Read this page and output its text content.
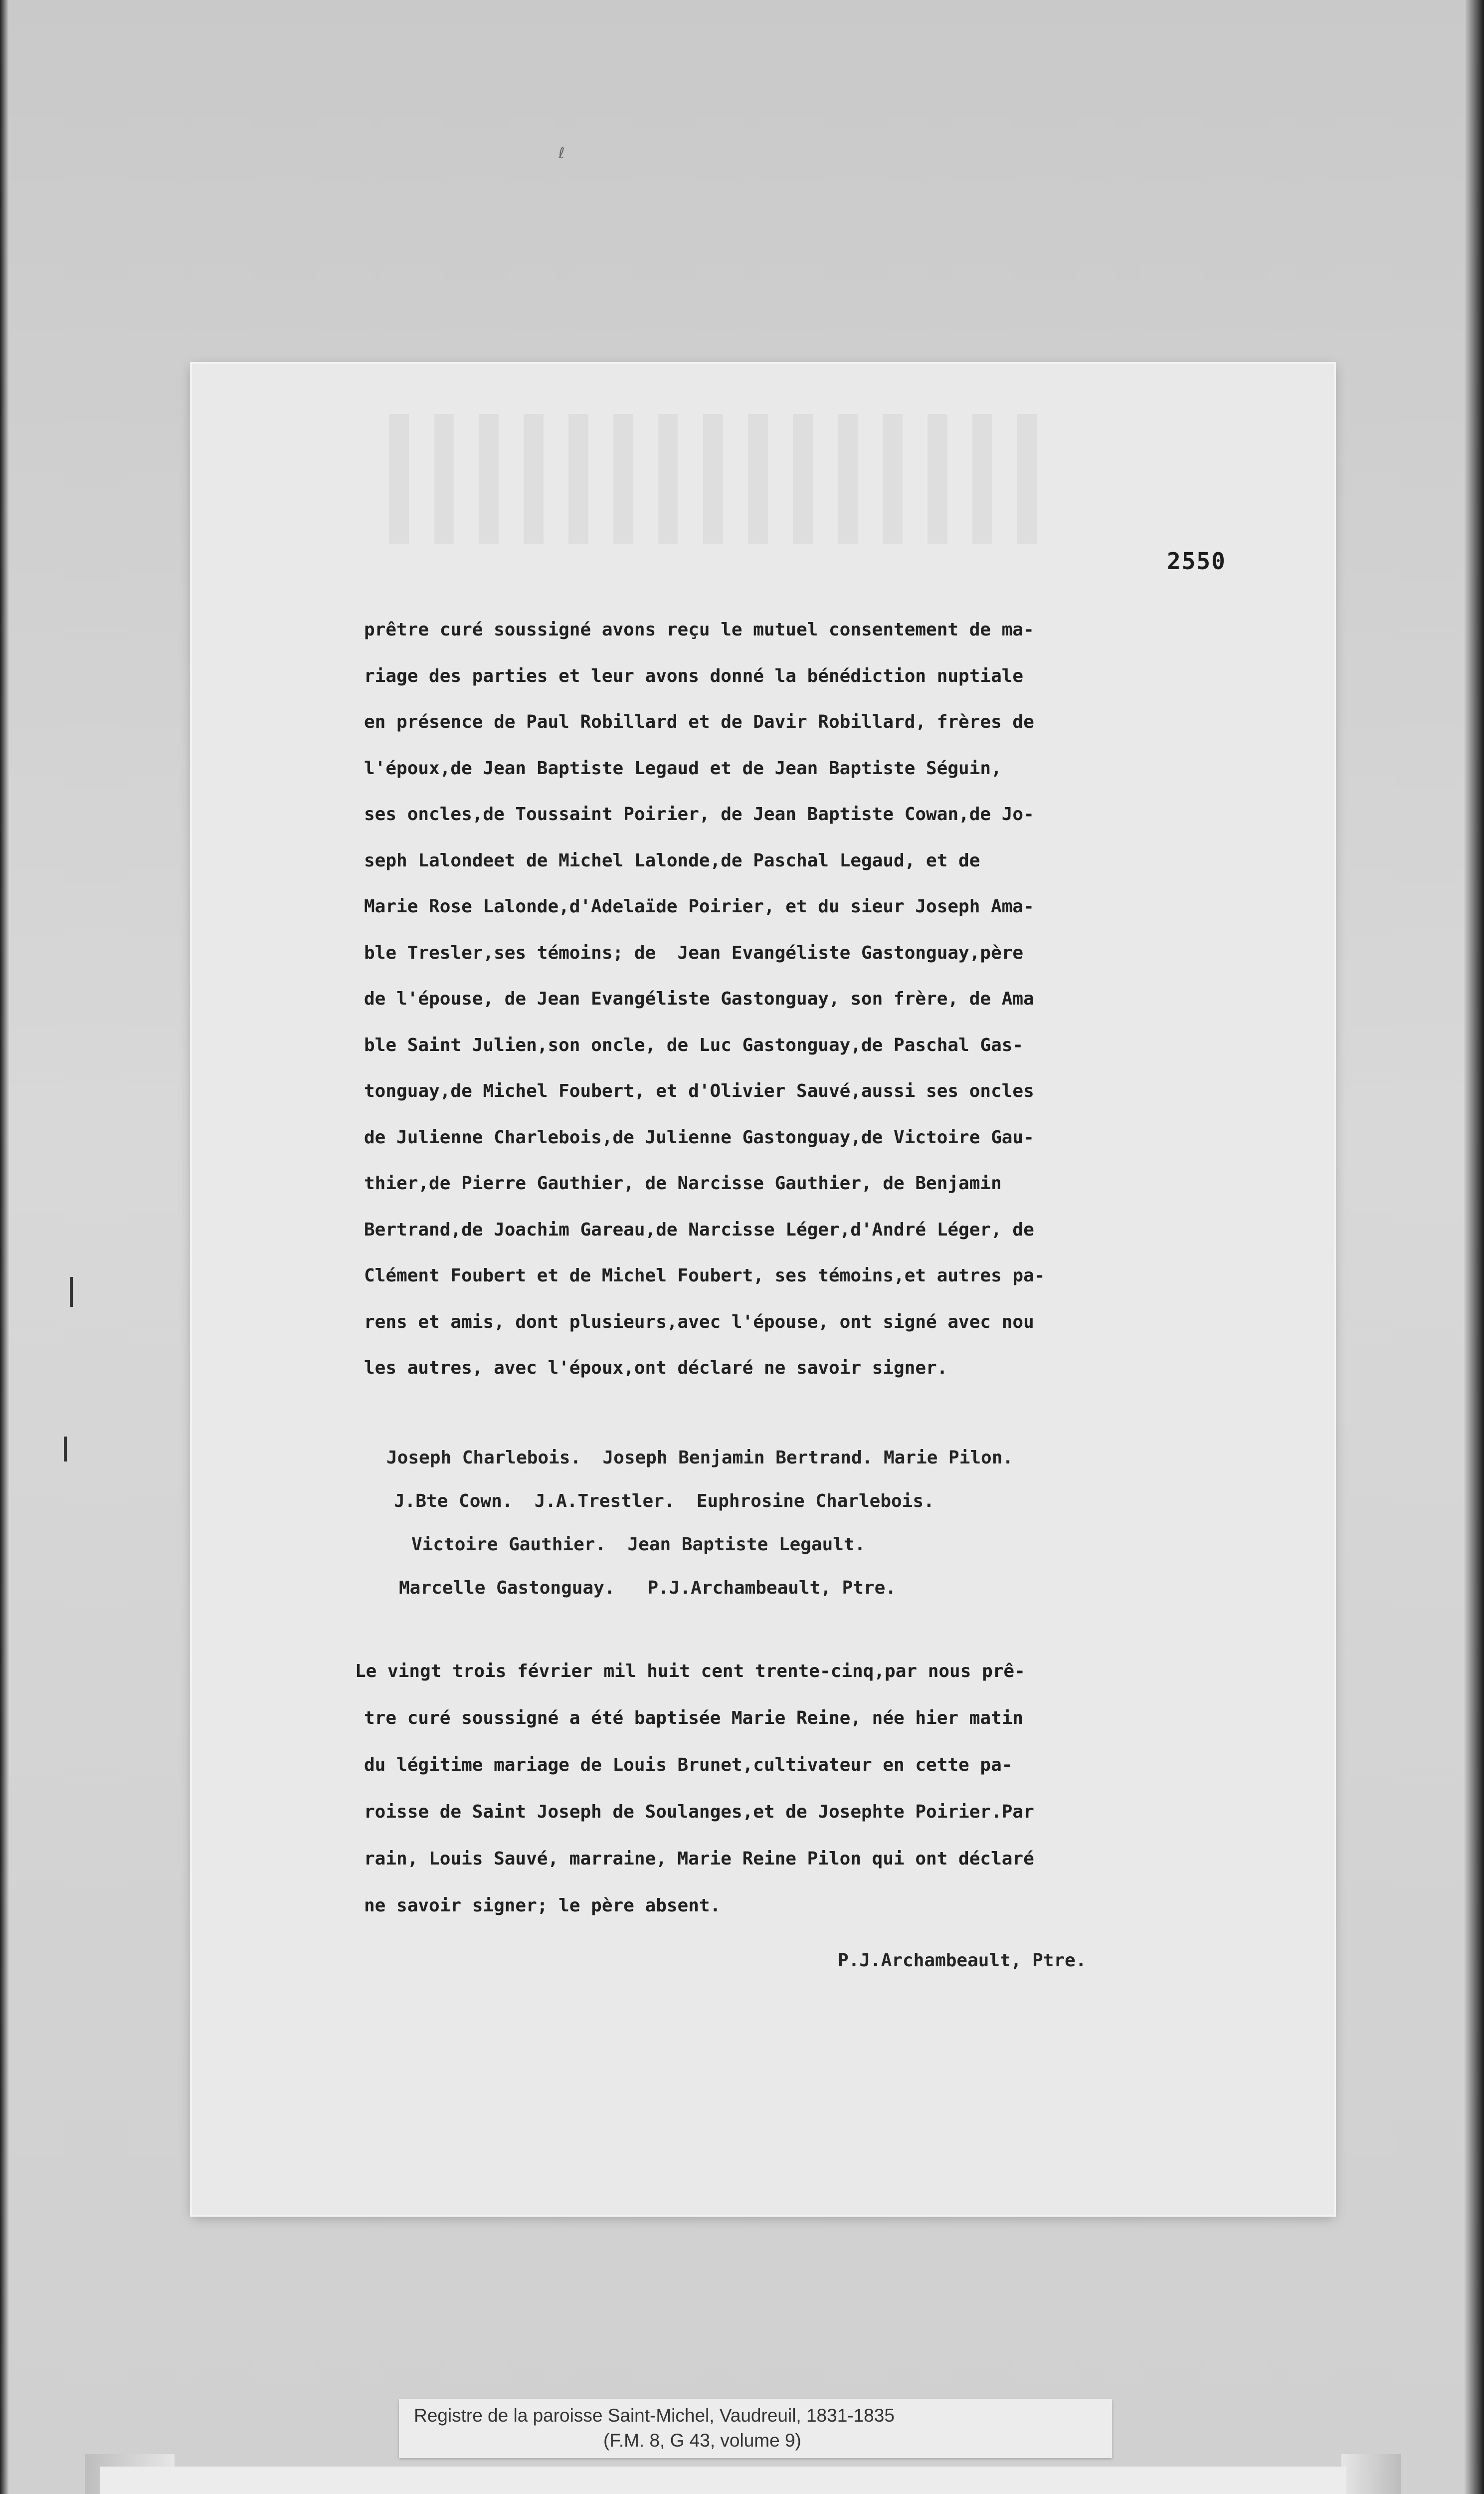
ℓ
2550
prêtre curé soussigné avons reçu le mutuel consentement de ma-
riage des parties et leur avons donné la bénédiction nuptiale
en présence de Paul Robillard et de Davir Robillard, frères de
l'époux,de Jean Baptiste Legaud et de Jean Baptiste Séguin,
ses oncles,de Toussaint Poirier, de Jean Baptiste Cowan,de Jo-
seph Lalondeet de Michel Lalonde,de Paschal Legaud, et de
Marie Rose Lalonde,d'Adelaïde Poirier, et du sieur Joseph Ama-
ble Tresler,ses témoins; de  Jean Evangéliste Gastonguay,père
de l'épouse, de Jean Evangéliste Gastonguay, son frère, de Ama
ble Saint Julien,son oncle, de Luc Gastonguay,de Paschal Gas-
tonguay,de Michel Foubert, et d'Olivier Sauvé,aussi ses oncles
de Julienne Charlebois,de Julienne Gastonguay,de Victoire Gau-
thier,de Pierre Gauthier, de Narcisse Gauthier, de Benjamin
Bertrand,de Joachim Gareau,de Narcisse Léger,d'André Léger, de
Clément Foubert et de Michel Foubert, ses témoins,et autres pa-
rens et amis, dont plusieurs,avec l'épouse, ont signé avec nou
les autres, avec l'époux,ont déclaré ne savoir signer.
Joseph Charlebois.  Joseph Benjamin Bertrand. Marie Pilon.
J.Bte Cown.  J.A.Trestler.  Euphrosine Charlebois.
Victoire Gauthier.  Jean Baptiste Legault.
Marcelle Gastonguay.   P.J.Archambeault, Ptre.
Le vingt trois février mil huit cent trente-cinq,par nous prê-
tre curé soussigné a été baptisée Marie Reine, née hier matin
du légitime mariage de Louis Brunet,cultivateur en cette pa-
roisse de Saint Joseph de Soulanges,et de Josephte Poirier.Par
rain, Louis Sauvé, marraine, Marie Reine Pilon qui ont déclaré
ne savoir signer; le père absent.
P.J.Archambeault, Ptre.
Registre de la paroisse Saint-Michel, Vaudreuil, 1831-1835
(F.M. 8, G 43, volume 9)
